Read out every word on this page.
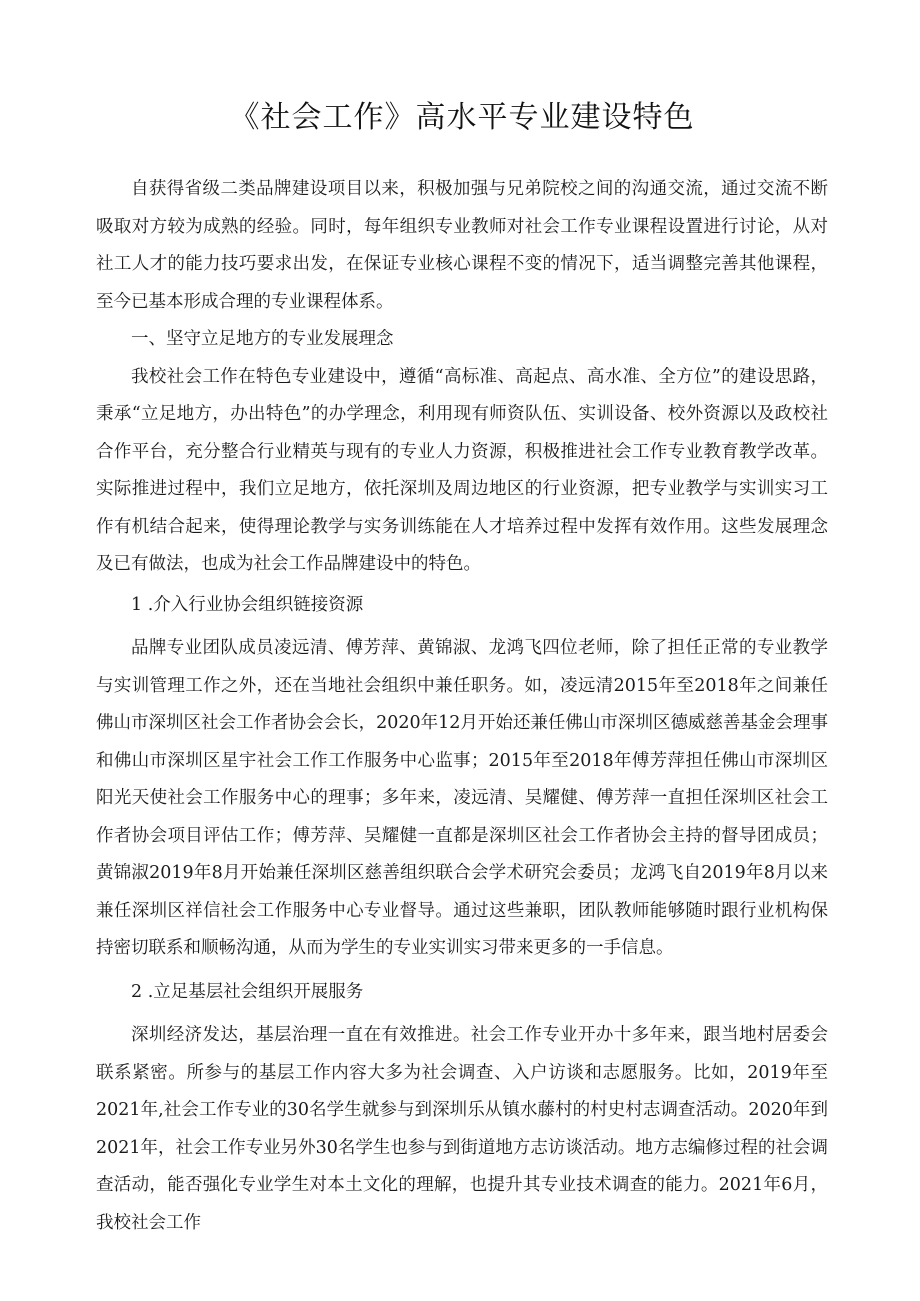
《社会工作》高水平专业建设特色

自获得省级二类品牌建设项目以来，积极加强与兄弟院校之间的沟通交流，通过交流不断吸取对方较为成熟的经验。同时，每年组织专业教师对社会工作专业课程设置进行讨论，从对社工人才的能力技巧要求出发，在保证专业核心课程不变的情况下，适当调整完善其他课程，至今已基本形成合理的专业课程体系。

一、坚守立足地方的专业发展理念

我校社会工作在特色专业建设中，遵循“高标准、高起点、高水准、全方位”的建设思路，秉承“立足地方，办出特色”的办学理念，利用现有师资队伍、实训设备、校外资源以及政校社合作平台，充分整合行业精英与现有的专业人力资源，积极推进社会工作专业教育教学改革。实际推进过程中，我们立足地方，依托深圳及周边地区的行业资源，把专业教学与实训实习工作有机结合起来，使得理论教学与实务训练能在人才培养过程中发挥有效作用。这些发展理念及已有做法，也成为社会工作品牌建设中的特色。

1 .介入行业协会组织链接资源

品牌专业团队成员凌远清、傅芳萍、黄锦淑、龙鸿飞四位老师，除了担任正常的专业教学与实训管理工作之外，还在当地社会组织中兼任职务。如，凌远清2015年至2018年之间兼任佛山市深圳区社会工作者协会会长，2020年12月开始还兼任佛山市深圳区德威慈善基金会理事和佛山市深圳区星宇社会工作工作服务中心监事；2015年至2018年傅芳萍担任佛山市深圳区阳光天使社会工作服务中心的理事；多年来，凌远清、吴耀健、傅芳萍一直担任深圳区社会工作者协会项目评估工作；傅芳萍、吴耀健一直都是深圳区社会工作者协会主持的督导团成员；黄锦淑2019年8月开始兼任深圳区慈善组织联合会学术研究会委员；龙鸿飞自2019年8月以来兼任深圳区祥信社会工作服务中心专业督导。通过这些兼职，团队教师能够随时跟行业机构保持密切联系和顺畅沟通，从而为学生的专业实训实习带来更多的一手信息。

2 .立足基层社会组织开展服务

深圳经济发达，基层治理一直在有效推进。社会工作专业开办十多年来，跟当地村居委会联系紧密。所参与的基层工作内容大多为社会调查、入户访谈和志愿服务。比如，2019年至2021年,社会工作专业的30名学生就参与到深圳乐从镇水藤村的村史村志调查活动。2020年到2021年，社会工作专业另外30名学生也参与到街道地方志访谈活动。地方志编修过程的社会调查活动，能否强化专业学生对本土文化的理解，也提升其专业技术调查的能力。2021年6月，我校社会工作
